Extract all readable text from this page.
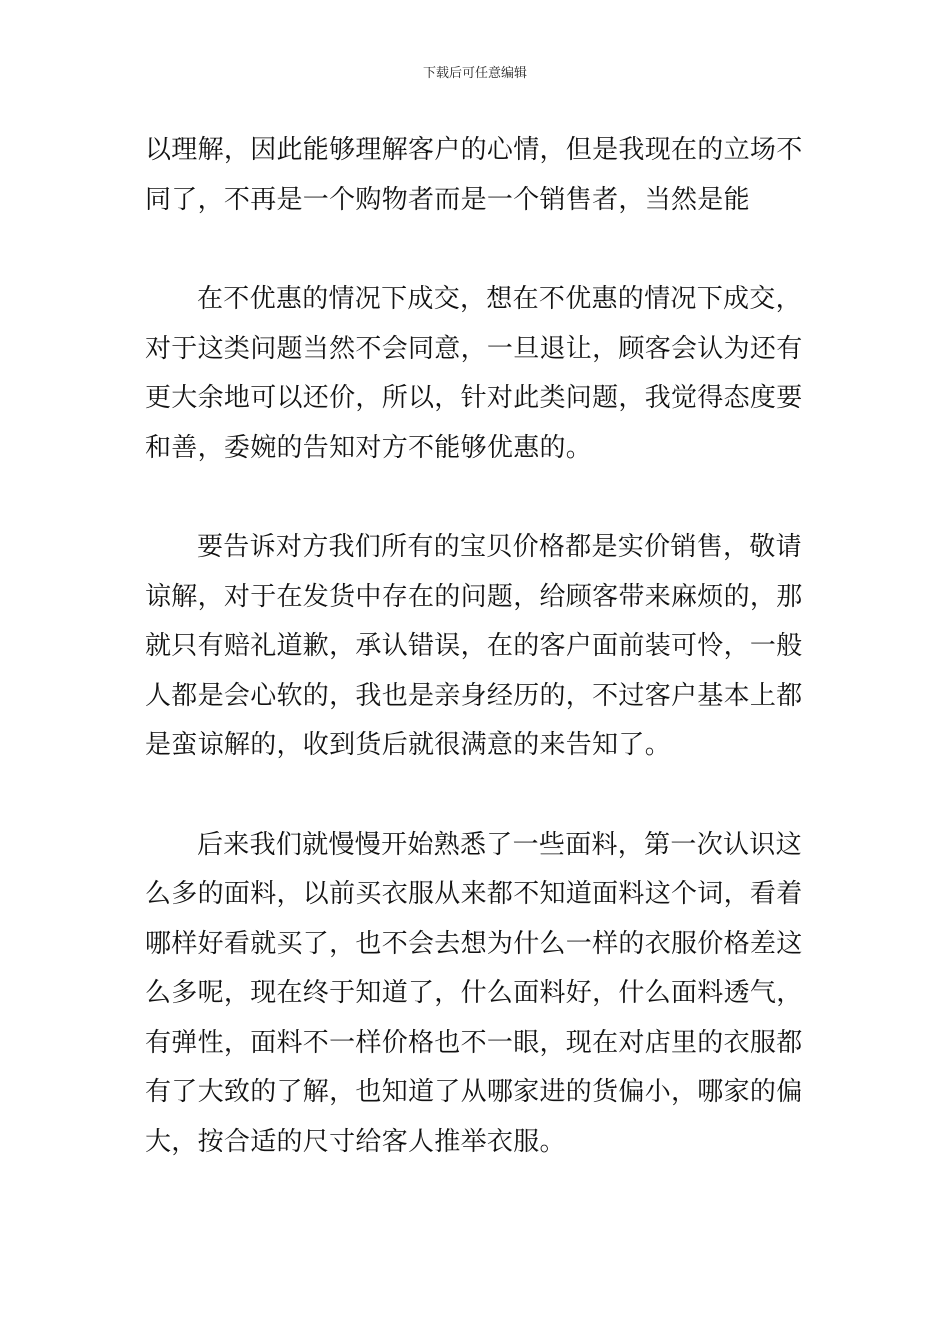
下载后可任意编辑
以理解，因此能够理解客户的心情，但是我现在的立场不
同了，不再是一个购物者而是一个销售者，当然是能
在不优惠的情况下成交，想在不优惠的情况下成交，
对于这类问题当然不会同意，一旦退让，顾客会认为还有
更大余地可以还价，所以，针对此类问题，我觉得态度要
和善，委婉的告知对方不能够优惠的。
要告诉对方我们所有的宝贝价格都是实价销售，敬请
谅解，对于在发货中存在的问题，给顾客带来麻烦的，那
就只有赔礼道歉，承认错误，在的客户面前装可怜，一般
人都是会心软的，我也是亲身经历的，不过客户基本上都
是蛮谅解的，收到货后就很满意的来告知了。
后来我们就慢慢开始熟悉了一些面料，第一次认识这
么多的面料，以前买衣服从来都不知道面料这个词，看着
哪样好看就买了，也不会去想为什么一样的衣服价格差这
么多呢，现在终于知道了，什么面料好，什么面料透气，
有弹性，面料不一样价格也不一眼，现在对店里的衣服都
有了大致的了解，也知道了从哪家进的货偏小，哪家的偏
大，按合适的尺寸给客人推举衣服。
